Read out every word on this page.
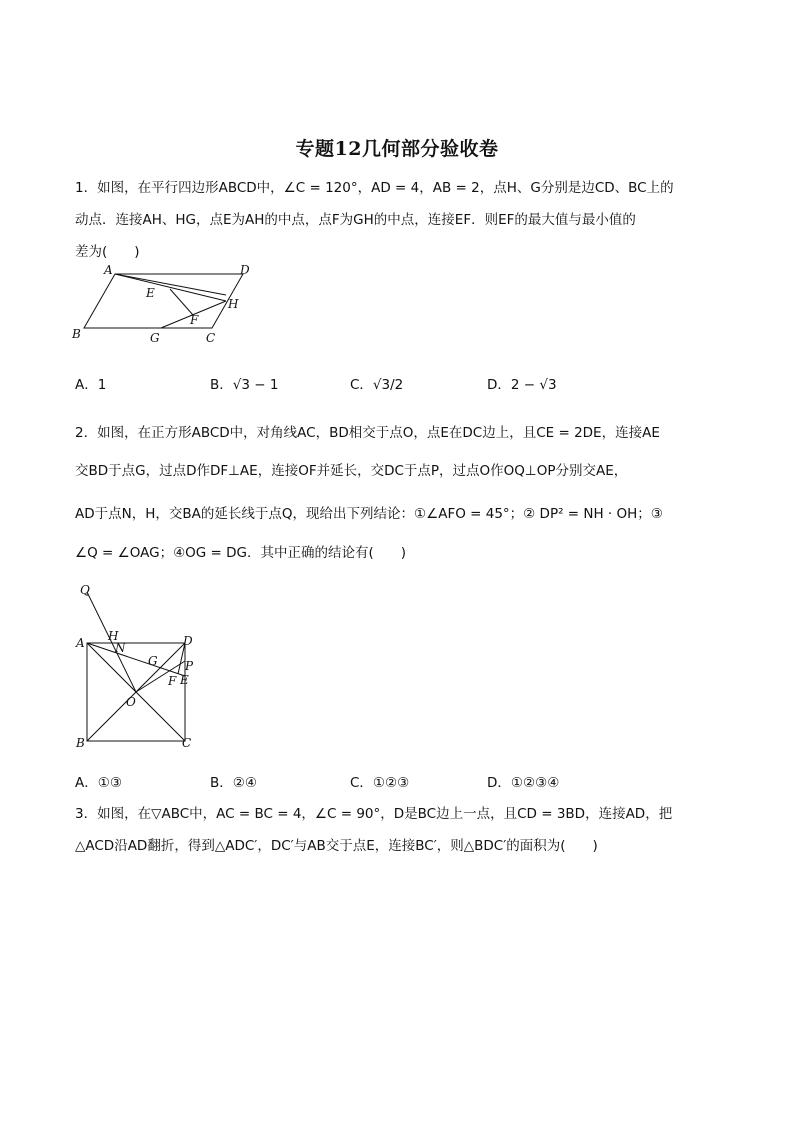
专题12几何部分验收卷
1．如图，在平行四边形ABCD中，∠C = 120°，AD = 4，AB = 2，点H、G分别是边CD、BC上的
动点．连接AH、HG，点E为AH的中点，点F为GH的中点，连接EF．则EF的最大值与最小值的
差为(　　)
A	D
E
H
F
B	G	C
A．1	B．√3 − 1	C．√3/2	D．2 − √3
2．如图，在正方形ABCD中，对角线AC，BD相交于点O，点E在DC边上，且CE = 2DE，连接AE
交BD于点G，过点D作DF⊥AE，连接OF并延长，交DC于点P，过点O作OQ⊥OP分别交AE，
AD于点N，H，交BA的延长线于点Q，现给出下列结论：①∠AFO = 45°；② DP² = NH · OH；③
∠Q = ∠OAG；④OG = DG．其中正确的结论有(　　)
Q
A H
N	D
G P
F E
O
B	C
A．①③	B．②④	C．①②③	D．①②③④
3．如图，在▽ABC中，AC = BC = 4，∠C = 90°，D是BC边上一点，且CD = 3BD，连接AD，把
△ACD沿AD翻折，得到△ADC′，DC′与AB交于点E，连接BC′，则△BDC′的面积为(　　)
